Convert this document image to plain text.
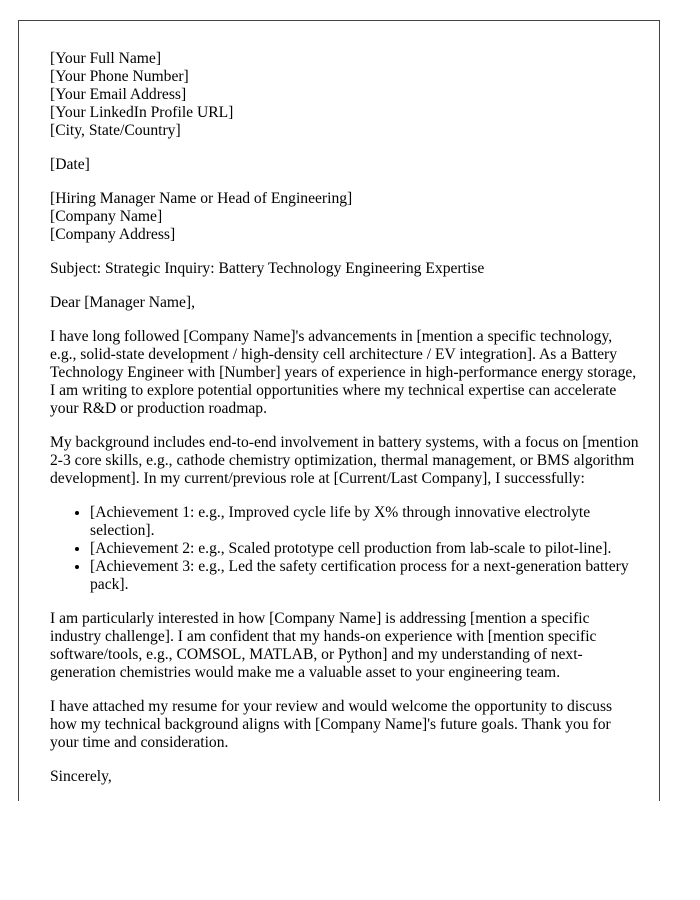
[Your Full Name]
[Your Phone Number]
[Your Email Address]
[Your LinkedIn Profile URL]
[City, State/Country]
[Date]
[Hiring Manager Name or Head of Engineering]
[Company Name]
[Company Address]

Subject: Strategic Inquiry: Battery Technology Engineering Expertise

Dear [Manager Name],

I have long followed [Company Name]'s advancements in [mention a specific technology, e.g., solid-state development / high-density cell architecture / EV integration]. As a Battery Technology Engineer with [Number] years of experience in high-performance energy storage, I am writing to explore potential opportunities where my technical expertise can accelerate your R&D or production roadmap.

My background includes end-to-end involvement in battery systems, with a focus on [mention 2-3 core skills, e.g., cathode chemistry optimization, thermal management, or BMS algorithm development]. In my current/previous role at [Current/Last Company], I successfully:

• [Achievement 1: e.g., Improved cycle life by X% through innovative electrolyte selection].
• [Achievement 2: e.g., Scaled prototype cell production from lab-scale to pilot-line].
• [Achievement 3: e.g., Led the safety certification process for a next-generation battery pack].

I am particularly interested in how [Company Name] is addressing [mention a specific industry challenge]. I am confident that my hands-on experience with [mention specific software/tools, e.g., COMSOL, MATLAB, or Python] and my understanding of next-generation chemistries would make me a valuable asset to your engineering team.

I have attached my resume for your review and would welcome the opportunity to discuss how my technical background aligns with [Company Name]'s future goals. Thank you for your time and consideration.

Sincerely,
